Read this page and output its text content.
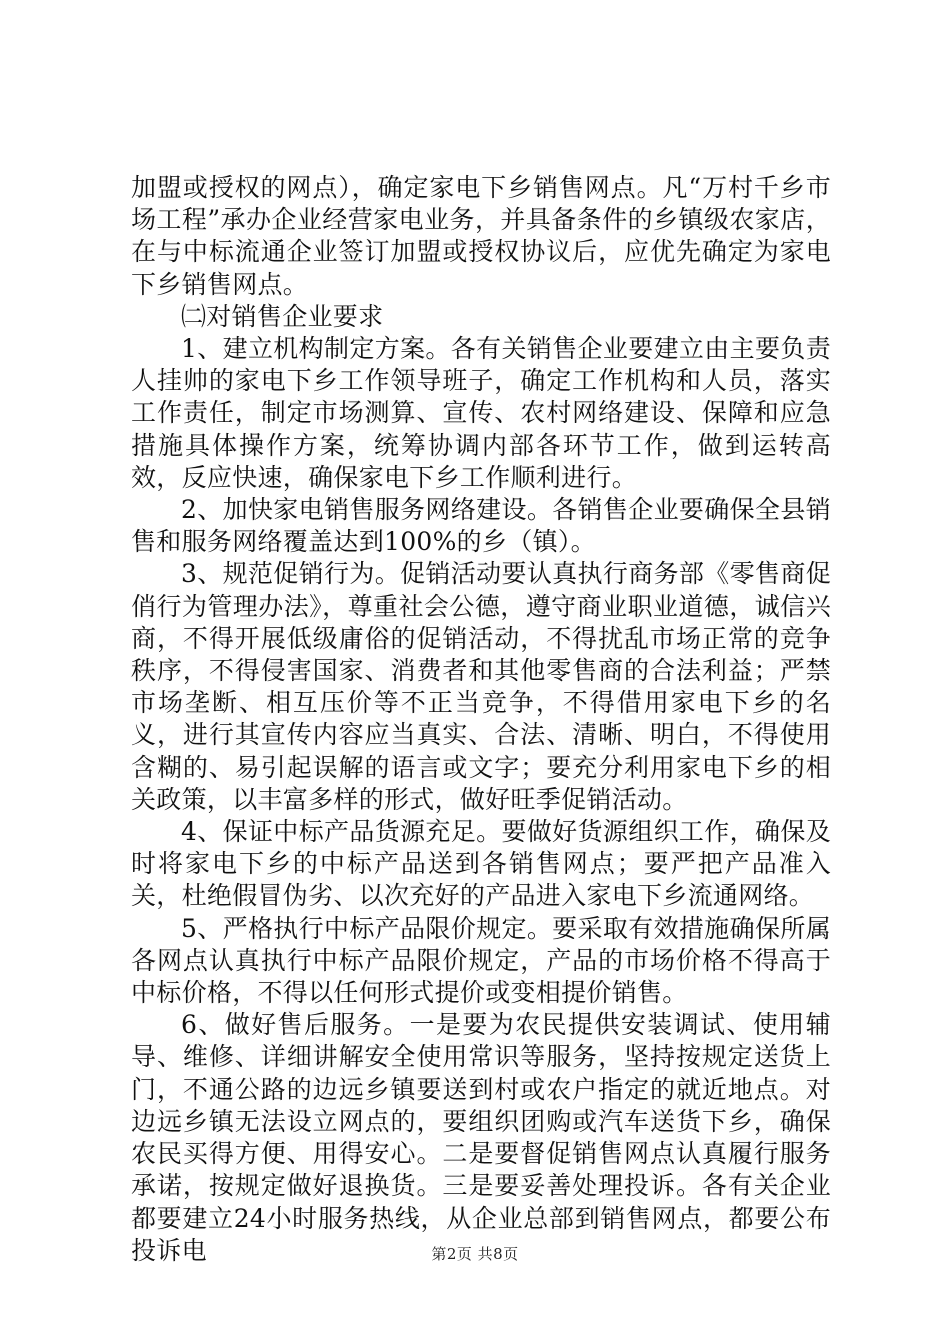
加盟或授权的网点），确定家电下乡销售网点。凡“万村千乡市场工程”承办企业经营家电业务，并具备条件的乡镇级农家店，在与中标流通企业签订加盟或授权协议后，应优先确定为家电下乡销售网点。

㈡对销售企业要求

1、建立机构制定方案。各有关销售企业要建立由主要负责人挂帅的家电下乡工作领导班子，确定工作机构和人员，落实工作责任，制定市场测算、宣传、农村网络建设、保障和应急措施具体操作方案，统筹协调内部各环节工作，做到运转高效，反应快速，确保家电下乡工作顺利进行。

2、加快家电销售服务网络建设。各销售企业要确保全县销售和服务网络覆盖达到100%的乡（镇）。

3、规范促销行为。促销活动要认真执行商务部《零售商促俏行为管理办法》，尊重社会公德，遵守商业职业道德，诚信兴商，不得开展低级庸俗的促销活动，不得扰乱市场正常的竞争秩序，不得侵害国家、消费者和其他零售商的合法利益；严禁市场垄断、相互压价等不正当竞争，不得借用家电下乡的名义，进行其宣传内容应当真实、合法、清晰、明白，不得使用含糊的、易引起误解的语言或文字；要充分利用家电下乡的相关政策，以丰富多样的形式，做好旺季促销活动。

4、保证中标产品货源充足。要做好货源组织工作，确保及时将家电下乡的中标产品送到各销售网点；要严把产品准入关，杜绝假冒伪劣、以次充好的产品进入家电下乡流通网络。

5、严格执行中标产品限价规定。要采取有效措施确保所属各网点认真执行中标产品限价规定，产品的市场价格不得高于中标价格，不得以任何形式提价或变相提价销售。

6、做好售后服务。一是要为农民提供安装调试、使用辅导、维修、详细讲解安全使用常识等服务，坚持按规定送货上门，不通公路的边远乡镇要送到村或农户指定的就近地点。对边远乡镇无法设立网点的，要组织团购或汽车送货下乡，确保农民买得方便、用得安心。二是要督促销售网点认真履行服务承诺，按规定做好退换货。三是要妥善处理投诉。各有关企业都要建立24小时服务热线，从企业总部到销售网点，都要公布投诉电	第2页 共8页
